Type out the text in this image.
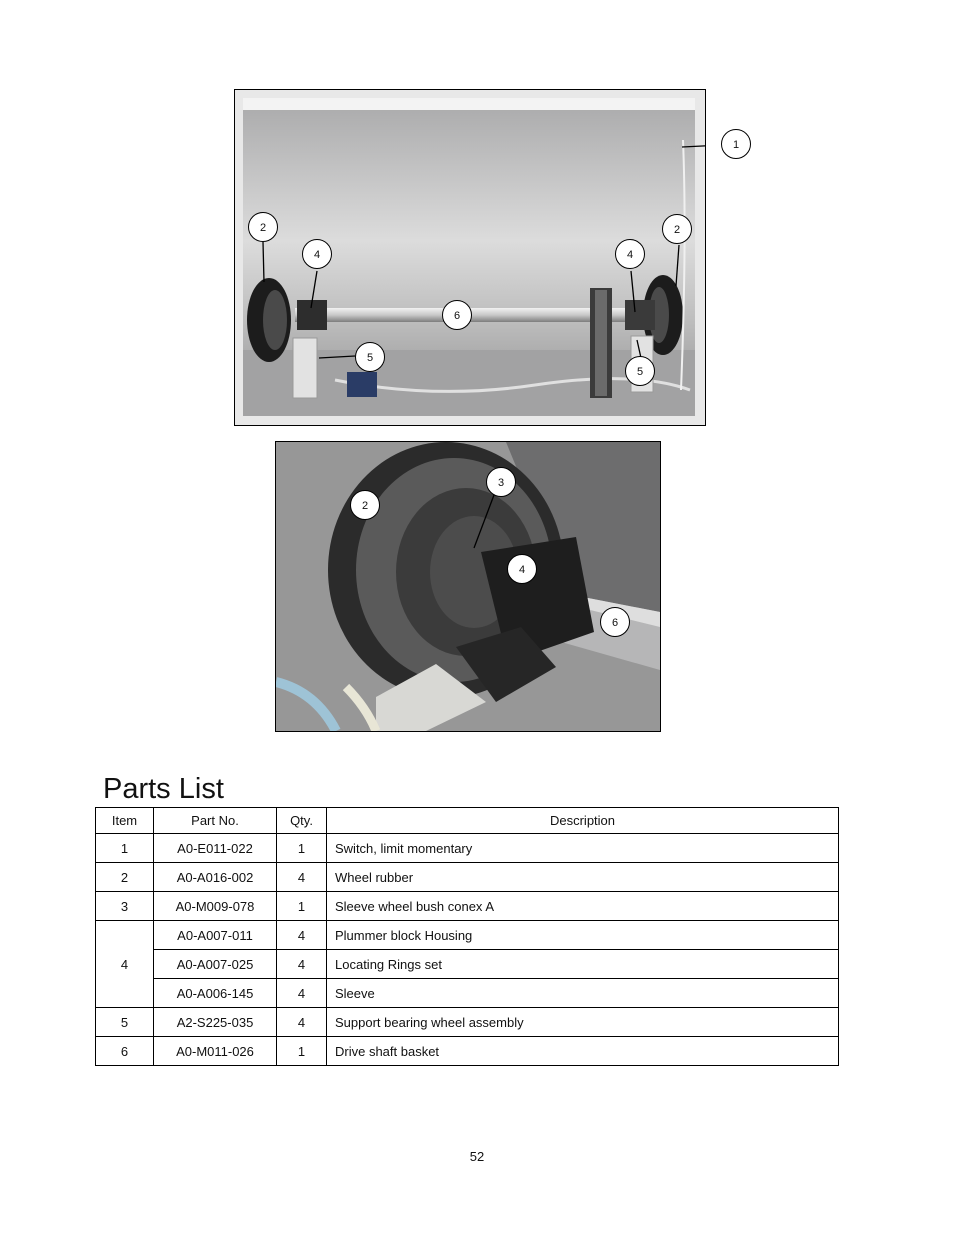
1
2	2
4	4
6
5
5
3
2
4
6
Parts List
Item	Part No.	Qty.	Description
1	A0-E011-022	1	Switch, limit momentary
2	A0-A016-002	4	Wheel rubber
3	A0-M009-078	1	Sleeve wheel bush conex A
4	A0-A007-011	4	Plummer block Housing
	A0-A007-025	4	Locating Rings set
	A0-A006-145	4	Sleeve
5	A2-S225-035	4	Support bearing wheel assembly
6	A0-M011-026	1	Drive shaft basket
52
